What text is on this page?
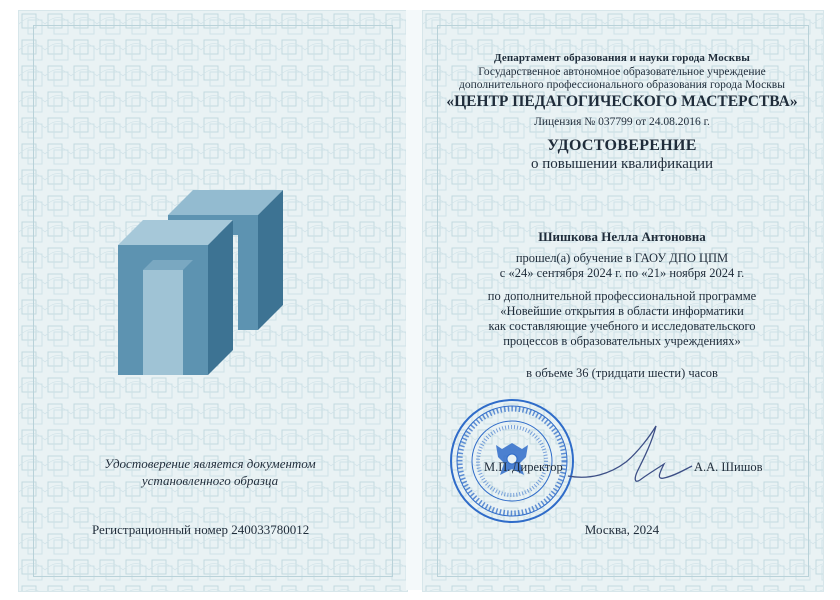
Удостоверение является документом
установленного образца
Регистрационный номер 240033780012
Департамент образования и науки города Москвы
Государственное автономное образовательное учреждение
дополнительного профессионального образования города Москвы
«ЦЕНТР ПЕДАГОГИЧЕСКОГО МАСТЕРСТВА»
Лицензия № 037799 от 24.08.2016 г.
УДОСТОВЕРЕНИЕ
о повышении квалификации
Шишкова Нелла Антоновна
прошел(а) обучение в ГАОУ ДПО ЦПМ
с «24» сентября 2024 г. по «21» ноября 2024 г.
по дополнительной профессиональной программе
«Новейшие открытия в области информатики
как составляющие учебного и исследовательского
процессов в образовательных учреждениях»
в объеме 36 (тридцати шести) часов
М.П. Директор	А.А. Шишов
Москва, 2024
